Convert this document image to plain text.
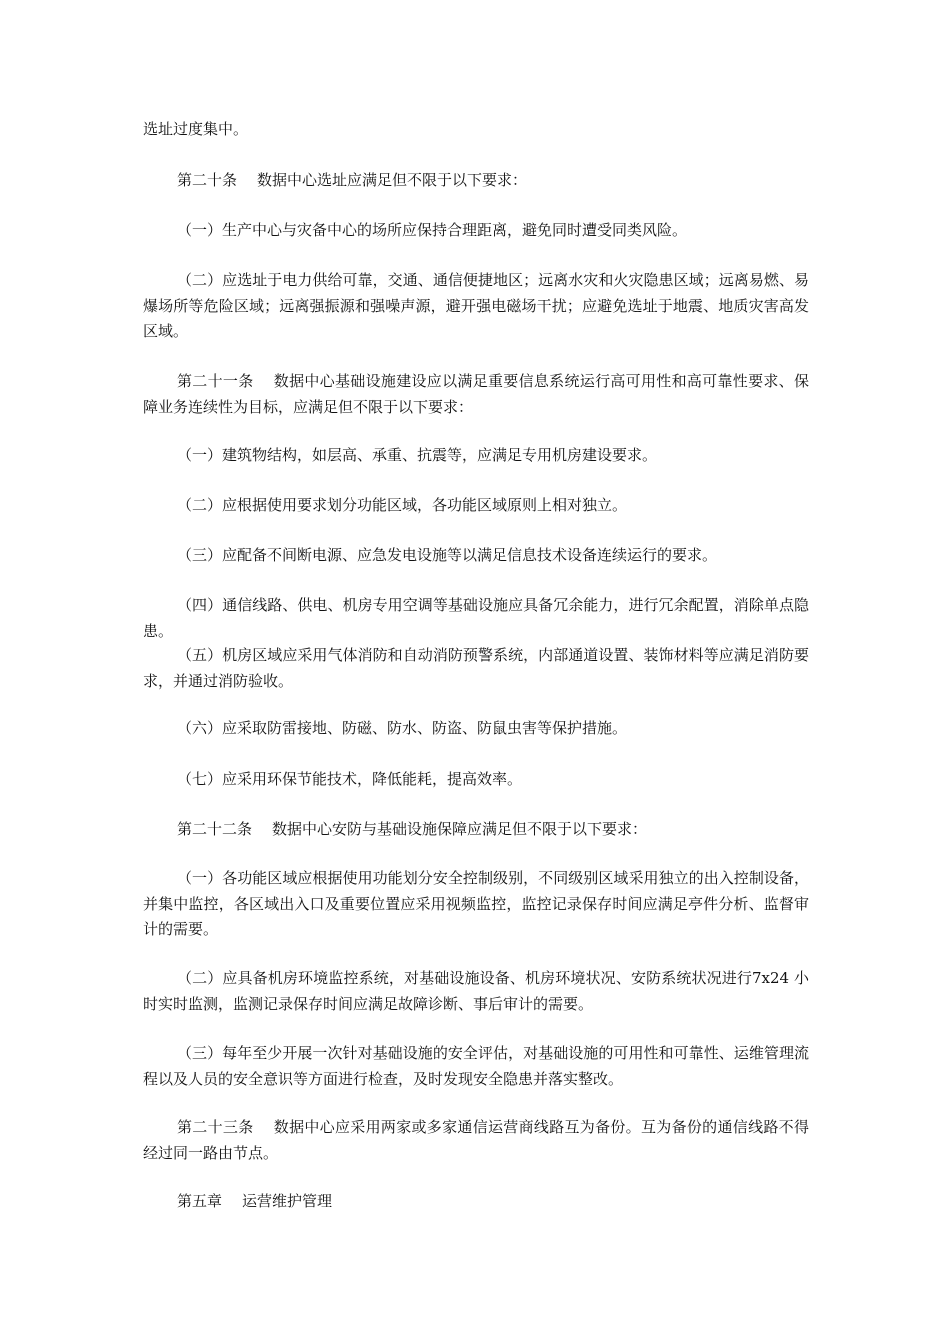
选址过度集中。

第二十条 数据中心选址应满足但不限于以下要求：

（一）生产中心与灾备中心的场所应保持合理距离，避免同时遭受同类风险。

（二）应选址于电力供给可靠，交通、通信便捷地区；远离水灾和火灾隐患区域；远离易燃、易爆场所等危险区域；远离强振源和强噪声源，避开强电磁场干扰；应避免选址于地震、地质灾害高发区域。

第二十一条 数据中心基础设施建设应以满足重要信息系统运行高可用性和高可靠性要求、保障业务连续性为目标，应满足但不限于以下要求：

（一）建筑物结构，如层高、承重、抗震等，应满足专用机房建设要求。

（二）应根据使用要求划分功能区域，各功能区域原则上相对独立。

（三）应配备不间断电源、应急发电设施等以满足信息技术设备连续运行的要求。

（四）通信线路、供电、机房专用空调等基础设施应具备冗余能力，进行冗余配置，消除单点隐患。

（五）机房区域应采用气体消防和自动消防预警系统，内部通道设置、装饰材料等应满足消防要求，并通过消防验收。

（六）应采取防雷接地、防磁、防水、防盗、防鼠虫害等保护措施。

（七）应采用环保节能技术，降低能耗，提高效率。

第二十二条 数据中心安防与基础设施保障应满足但不限于以下要求：

（一）各功能区域应根据使用功能划分安全控制级别，不同级别区域采用独立的出入控制设备，并集中监控，各区域出入口及重要位置应采用视频监控，监控记录保存时间应满足亭件分析、监督审计的需要。

（二）应具备机房环境监控系统，对基础设施设备、机房环境状况、安防系统状况进行7x24 小时实时监测，监测记录保存时间应满足故障诊断、事后审计的需要。

（三）每年至少开展一次针对基础设施的安全评估，对基础设施的可用性和可靠性、运维管理流程以及人员的安全意识等方面进行检查，及时发现安全隐患并落实整改。

第二十三条 数据中心应采用两家或多家通信运营商线路互为备份。互为备份的通信线路不得经过同一路由节点。

第五章 运营维护管理
